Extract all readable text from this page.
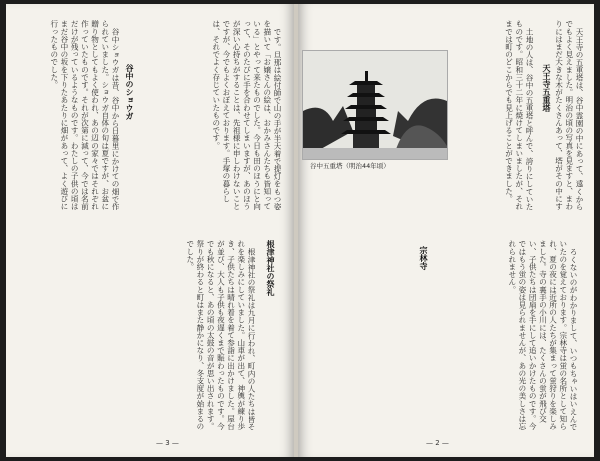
です。旦那は絵付師で山の手が半天着で提灯をもつ姿を描いて「お嬢さんの絵は、おかみさんたちも皆知っている」とやって来たものでした。今日も田のほうにと向って、そのたびに手を合わせてしまいますが、あのほうが深い心持ちがすることは、先祖様に申しわけないことですが、今でもよくおぼえております。手塚の暮らしは、それでよく存じていたものです。

谷中のショウガ

谷中ショウガは昔、谷中から日暮里にかけての畑で作られていました。ショウガ自体の旬は夏ですが、お盆に贈り物としてもよく使われ、あの辺の家々ではそれぞれ作っていたものです。それが次第に減って、今では名前だけが残っているようなものです。わたしの子供の頃はまだ谷中の坂を下りたあたりに畑があって、よく遊びに行ったものでした。

根津神社の祭礼

根津神社の祭礼は九月に行われ、町内の人たちは皆それを楽しみにしていました。山車が出て、神輿が練り歩き、子供たちは晴れ着を着て参詣に出かけました。屋台が並び、大人も子供も夜遅くまで賑わったものです。今でも秋になると、あの頃の太鼓の音が思い出されます。祭りが終わると町はまた静かになり、冬支度が始まるのでした。

— 3 —

天王寺の五重塔は、谷中霊園の中にあって、遠くからでもよく見えました。明治の頃の写真を見ますと、まわりにはまだ大きな木がたくさんあって、塔がその中にす

天王寺五重塔

土地の人は、谷中の五重塔と呼んで、誇りにしていたものです。昭和三十二年に焼けてしまいましたが、それまでは町のどこからでも見上げることができました。

谷中五重塔（明治44年頃）
宗林寺	ろくないのがわかりまして、いつもちゃいはいえんでいたのを覚えております。宗林寺は蛍の名所として知られ、夏の夜には近所の人たちが集まって蛍狩りを楽しみました。寺の裏手の小川には、たくさんの蛍が飛び交い、子供たちは団扇を手にして追いかけたものです。今ではもう蛍の姿は見られませんが、あの光の美しさは忘れられません。

— 2 —
